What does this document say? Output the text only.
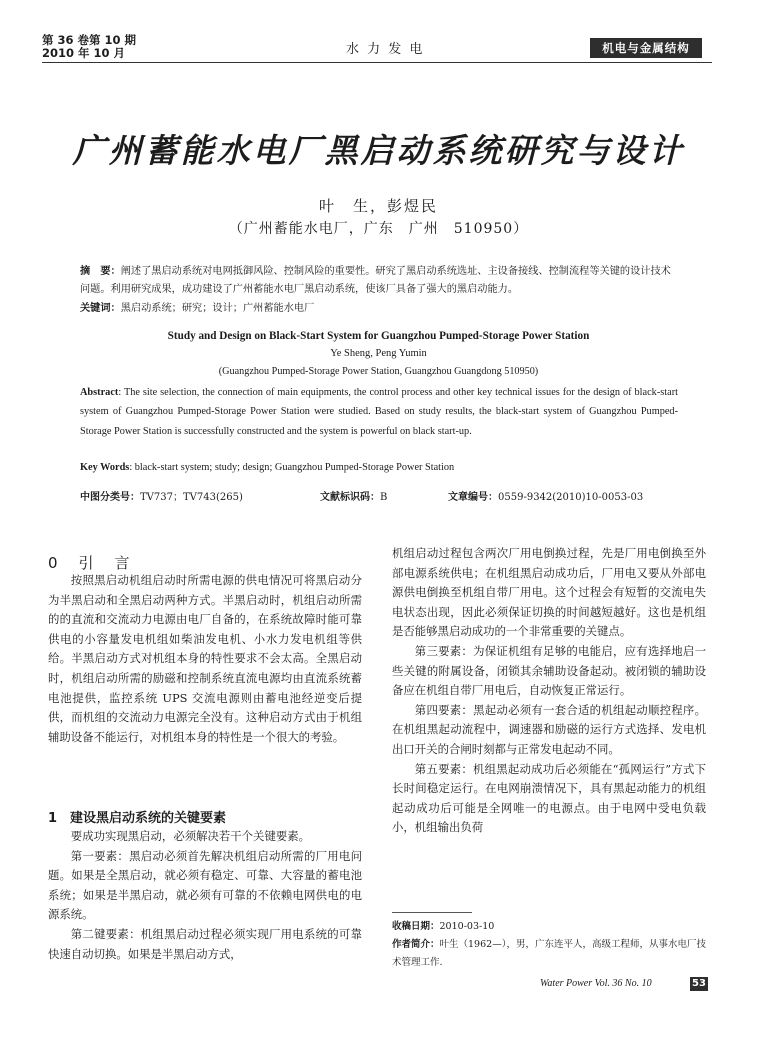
第 36 卷第 10 期
2010 年 10 月	水 力 发 电	机电与金属结构
广州蓄能水电厂黑启动系统研究与设计
叶　生，彭煜民
（广州蓄能水电厂，广东　广州　510950）
摘　要：阐述了黑启动系统对电网抵御风险、控制风险的重要性。研究了黑启动系统选址、主设备接线、控制流程等关键的设计技术问题。利用研究成果，成功建设了广州蓄能水电厂黑启动系统，使该厂具备了强大的黑启动能力。
关键词：黑启动系统；研究；设计；广州蓄能水电厂
Study and Design on Black-Start System for Guangzhou Pumped-Storage Power Station
Ye Sheng, Peng Yumin
(Guangzhou Pumped-Storage Power Station, Guangzhou Guangdong 510950)
Abstract: The site selection, the connection of main equipments, the control process and other key technical issues for the design of black-start system of Guangzhou Pumped-Storage Power Station were studied. Based on study results, the black-start system of Guangzhou Pumped-Storage Power Station is successfully constructed and the system is powerful on black start-up.
Key Words: black-start system; study; design; Guangzhou Pumped-Storage Power Station
中图分类号：TV737；TV743(265)	文献标识码：B	文章编号：0559-9342(2010)10-0053-03
0　引　言

按照黑启动机组启动时所需电源的供电情况可将黑启动分为半黑启动和全黑启动两种方式。半黑启动时，机组启动所需的的直流和交流动力电源由电厂自备的，在系统故障时能可靠供电的小容量发电机组如柴油发电机、小水力发电机组等供给。半黑启动方式对机组本身的特性要求不会太高。全黑启动时，机组启动所需的励磁和控制系统直流电源均由直流系统蓄电池提供，监控系统 UPS 交流电源则由蓄电池经逆变后提供，而机组的交流动力电源完全没有。这种启动方式由于机组辅助设备不能运行，对机组本身的特性是一个很大的考验。

1　建设黑启动系统的关键要素

要成功实现黑启动，必须解决若干个关键要素。

第一要素：黑启动必须首先解决机组启动所需的厂用电问题。如果是全黑启动，就必须有稳定、可靠、大容量的蓄电池系统；如果是半黑启动，就必须有可靠的不依赖电网供电的电源系统。

第二键要素：机组黑启动过程必须实现厂用电系统的可靠快速自动切换。如果是半黑启动方式，

机组启动过程包含两次厂用电倒换过程，先是厂用电倒换至外部电源系统供电；在机组黑启动成功后，厂用电又要从外部电源供电倒换至机组自带厂用电。这个过程会有短暂的交流电失电状态出现，因此必须保证切换的时间越短越好。这也是机组是否能够黑启动成功的一个非常重要的关键点。

第三要素：为保证机组有足够的电能启，应有选择地启一些关键的附属设备，闭锁其余辅助设备起动。被闭锁的辅助设备应在机组自带厂用电后，自动恢复正常运行。

第四要素：黑起动必须有一套合适的机组起动顺控程序。在机组黑起动流程中，调速器和励磁的运行方式选择、发电机出口开关的合闸时刻都与正常发电起动不同。

第五要素：机组黑起动成功后必须能在“孤网运行”方式下长时间稳定运行。在电网崩溃情况下，具有黑起动能力的机组起动成功后可能是全网唯一的电源点。由于电网中受电负载小，机组输出负荷

收稿日期：2010-03-10
作者简介：叶生（1962—），男，广东连平人，高级工程师，从事水电厂技术管理工作.
Water Power Vol. 36 No. 10	53
